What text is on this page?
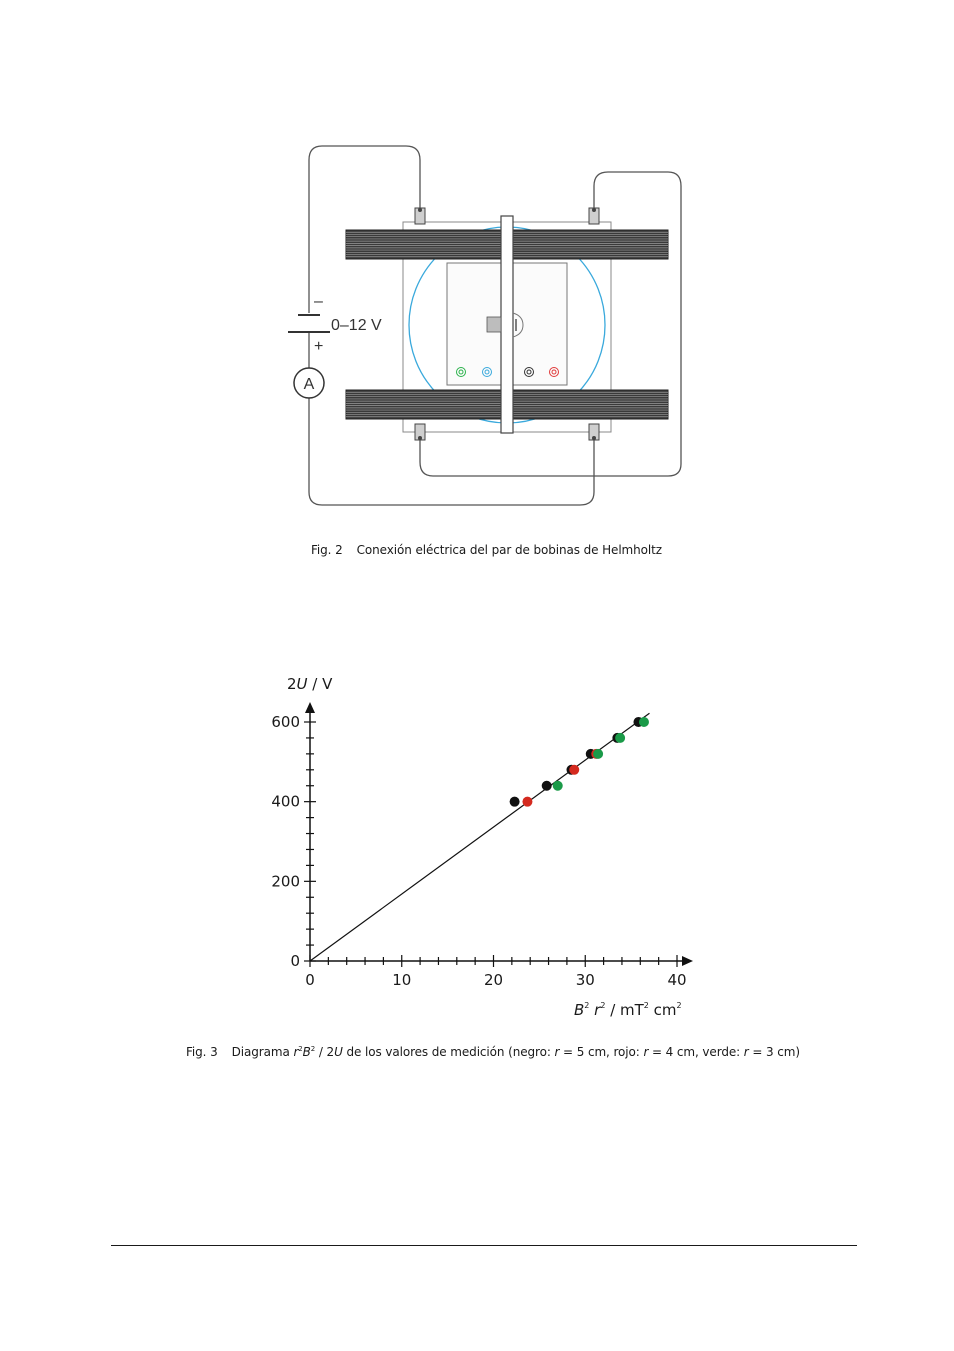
–
+
0–12 V
A
Fig. 2 Conexión eléctrica del par de bobinas de Helmholtz
0	10	20	30	40
0
200
400
600
2U / V
$B^2$ $r^2 / mT^2$ $cm^2$
Fig. 3 Diagrama $r^2B^2 / 2U$ de los valores de medición (negro: r = 5 cm, rojo: r = 4 cm, verde: r = 3 cm)
